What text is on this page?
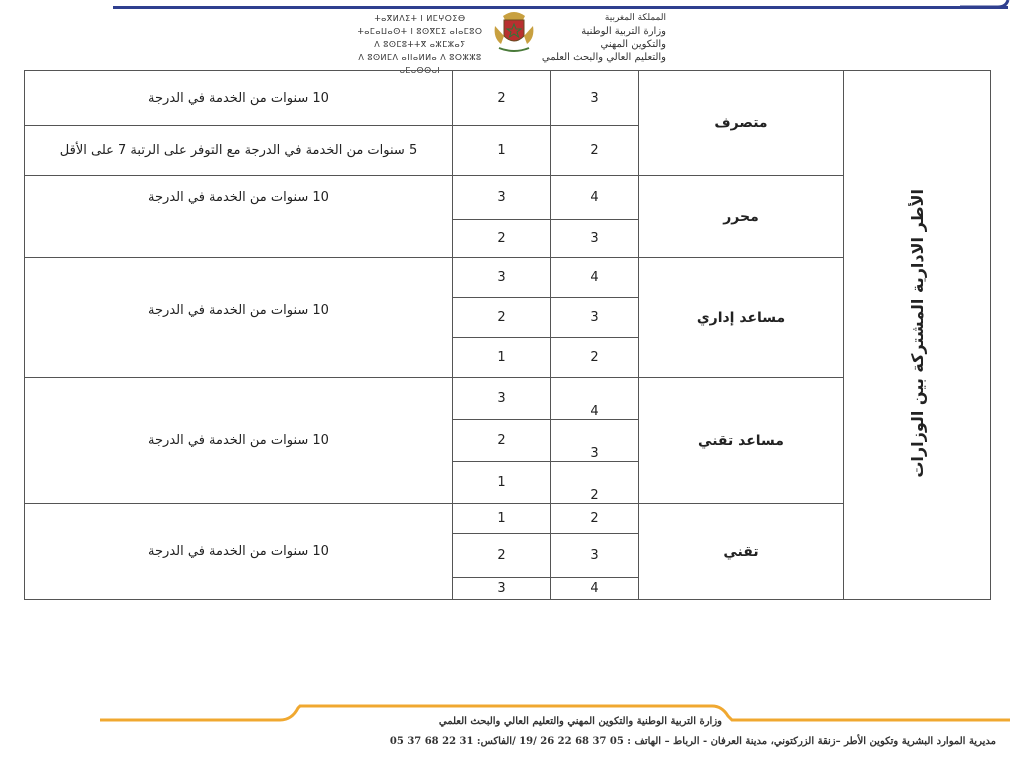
المملكة المغربية
وزارة التربية الوطنية
والتكوين المهني
والتعليم العالي والبحث العلمي
ⵜⴰⴳⵍⴷⵉⵜ ⵏ ⵍⵎⵖⵔⵉⴱ
ⵜⴰⵎⴰⵡⴰⵙⵜ ⵏ ⵓⵙⴳⵎⵉ ⴰⵏⴰⵎⵓⵔ
ⴷ ⵓⵙⵎⵓⵜⵜⴳ ⴰⵣⵎⵣⴰⵢ
ⴷ ⵓⵙⵍⵎⴷ ⴰⵏⵏⴰⵍⵍⴰ ⴷ ⵓⵔⵣⵣⵓ ⴰⵎⴰⵙⵙⴰⵏ
10 سنوات من الخدمة في الدرجة	2	3	متصرف	الأطر الادارية المشتركة بين الوزارات
5 سنوات من الخدمة في الدرجة مع التوفر على الرتبة 7 على الأقل	1	2		
10 سنوات من الخدمة في الدرجة	3	4	محرر	
	2	3		
10 سنوات من الخدمة في الدرجة	3	4	مساعد إداري	
	2	3		
	1	2		
10 سنوات من الخدمة في الدرجة	3	4	مساعد تقني	
	2	3		
	1	2		
10 سنوات من الخدمة في الدرجة	1	2	تقني	
	2	3		
	3	4		
وزارة التربية الوطنية والتكوين المهني والتعليم العالي والبحث العلمي
مديرية الموارد البشرية وتكوين الأطر –زنقة الزركتوني، مدينة العرفان - الرباط – الهاتف : 05 37 68 22 26 /19 /الفاكس: 31 22 68 37 05
